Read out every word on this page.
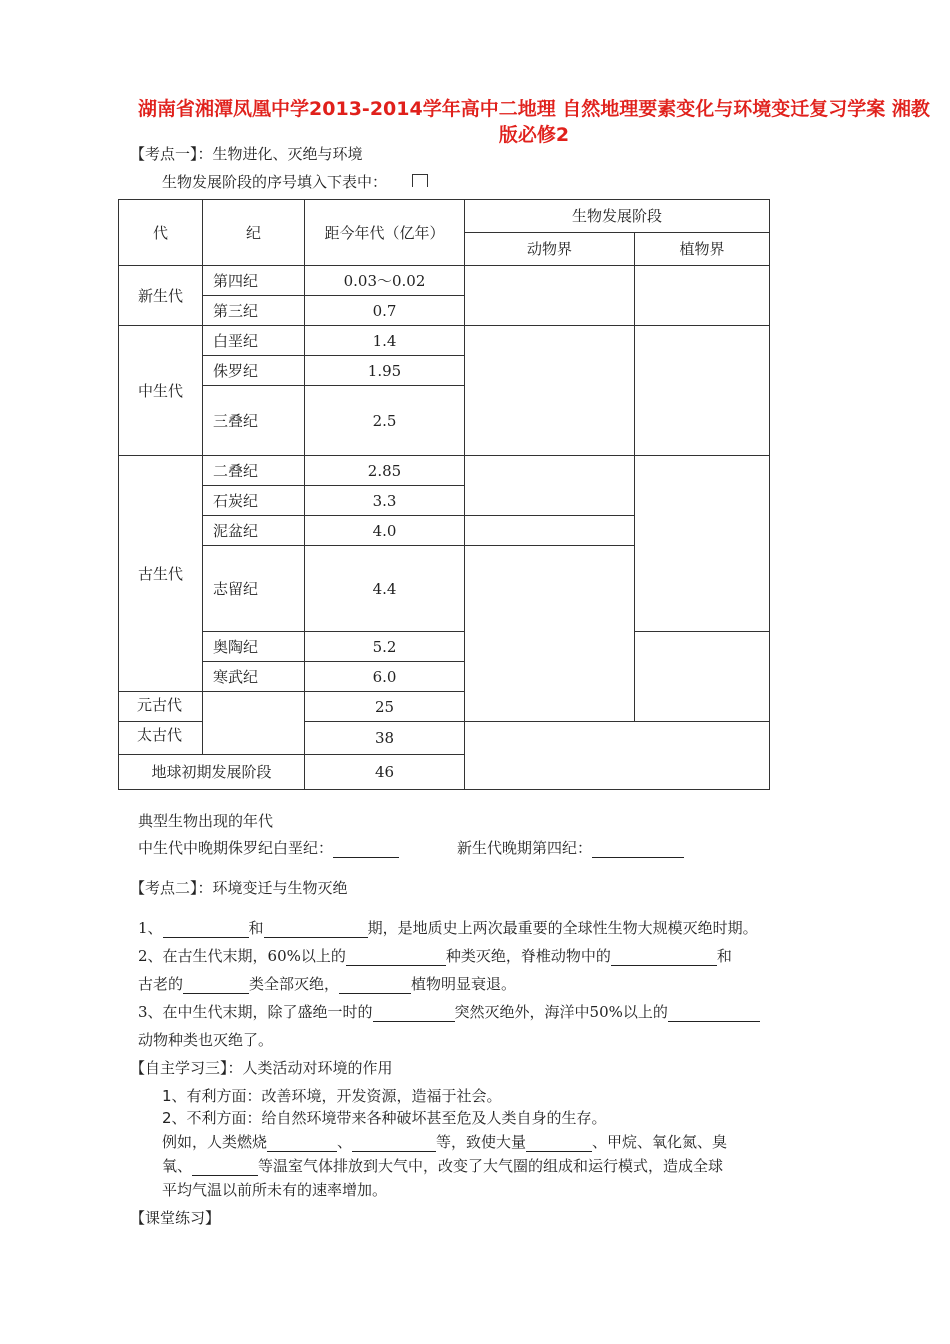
湖南省湘潭凤凰中学2013-2014学年高中二地理 自然地理要素变化与环境变迁复习学案 湘教版必修2
【考点一】：生物进化、灭绝与环境
生物发展阶段的序号填入下表中：
代	纪	距今年代（亿年）	生物发展阶段	
			动物界	植物界
新生代	第四纪	0.03～0.02		
	第三纪	0.7		
中生代	白垩纪	1.4		
	侏罗纪	1.95		
	三叠纪	2.5		
古生代	二叠纪	2.85		
	石炭纪	3.3		
	泥盆纪	4.0		
	志留纪	4.4		
	奥陶纪	5.2		
	寒武纪	6.0		
元古代		25		
太古代		38		
地球初期发展阶段		46		
典型生物出现的年代
中生代中晚期侏罗纪白垩纪：	新生代晚期第四纪：
【考点二】：环境变迁与生物灭绝
1、	和	期，是地质史上两次最重要的全球性生物大规模灭绝时期。
2、在古生代末期，60%以上的	种类灭绝，脊椎动物中的	和
古老的	类全部灭绝，	植物明显衰退。
3、在中生代末期，除了盛绝一时的	突然灭绝外，海洋中50%以上的
动物种类也灭绝了。
【自主学习三】：人类活动对环境的作用
1、有利方面：改善环境，开发资源，造福于社会。
2、不利方面：给自然环境带来各种破坏甚至危及人类自身的生存。
例如，人类燃烧	、	等，致使大量	、甲烷、氧化氮、臭
氧、	等温室气体排放到大气中，改变了大气圈的组成和运行模式，造成全球
平均气温以前所未有的速率增加。
【课堂练习】
